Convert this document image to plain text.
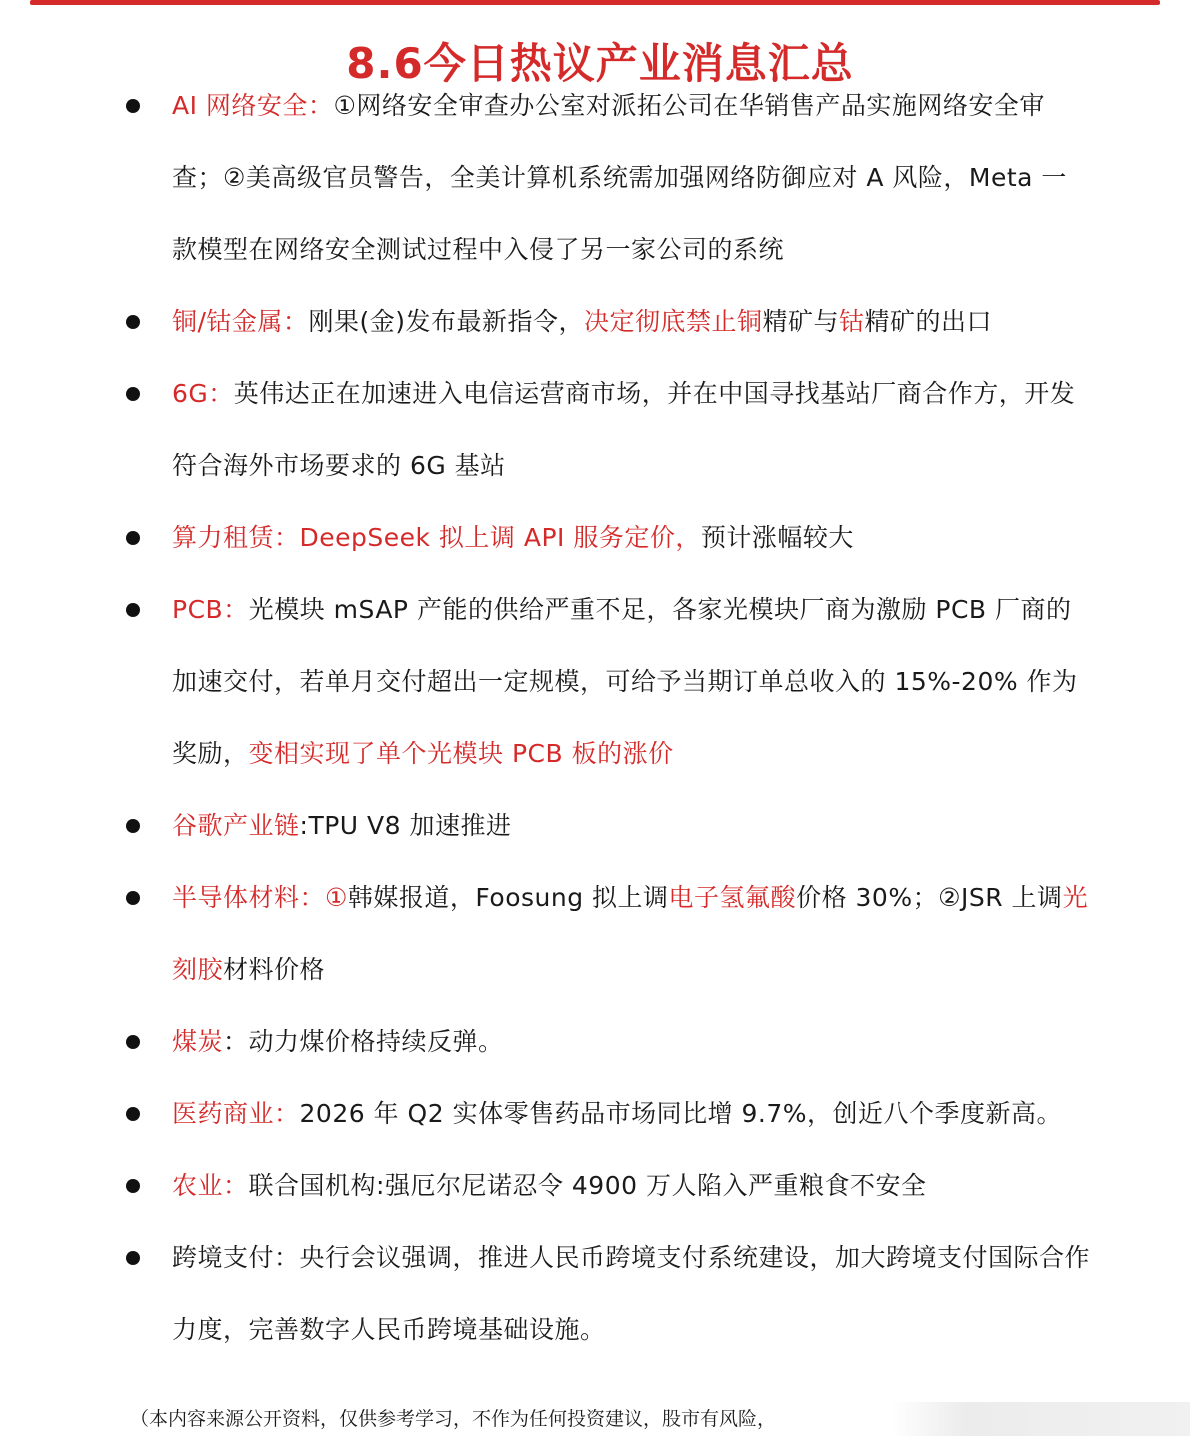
8.6今日热议产业消息汇总
AI 网络安全：①网络安全审查办公室对派拓公司在华销售产品实施网络安全审查；②美高级官员警告，全美计算机系统需加强网络防御应对 A 风险，Meta 一款模型在网络安全测试过程中入侵了另一家公司的系统
铜/钴金属：刚果(金)发布最新指令，决定彻底禁止铜精矿与钴精矿的出口
6G：英伟达正在加速进入电信运营商市场，并在中国寻找基站厂商合作方，开发符合海外市场要求的 6G 基站
算力租赁：DeepSeek 拟上调 API 服务定价，预计涨幅较大
PCB：光模块 mSAP 产能的供给严重不足，各家光模块厂商为激励 PCB 厂商的加速交付，若单月交付超出一定规模，可给予当期订单总收入的 15%-20% 作为奖励，变相实现了单个光模块 PCB 板的涨价
谷歌产业链:TPU V8 加速推进
半导体材料：①韩媒报道，Foosung 拟上调电子氢氟酸价格 30%；②JSR 上调光刻胶材料价格
煤炭：动力煤价格持续反弹。
医药商业：2026 年 Q2 实体零售药品市场同比增 9.7%，创近八个季度新高。
农业：联合国机构:强厄尔尼诺忍令 4900 万人陷入严重粮食不安全
跨境支付：央行会议强调，推进人民币跨境支付系统建设，加大跨境支付国际合作力度，完善数字人民币跨境基础设施。
（本内容来源公开资料，仅供参考学习，不作为任何投资建议，股市有风险，
